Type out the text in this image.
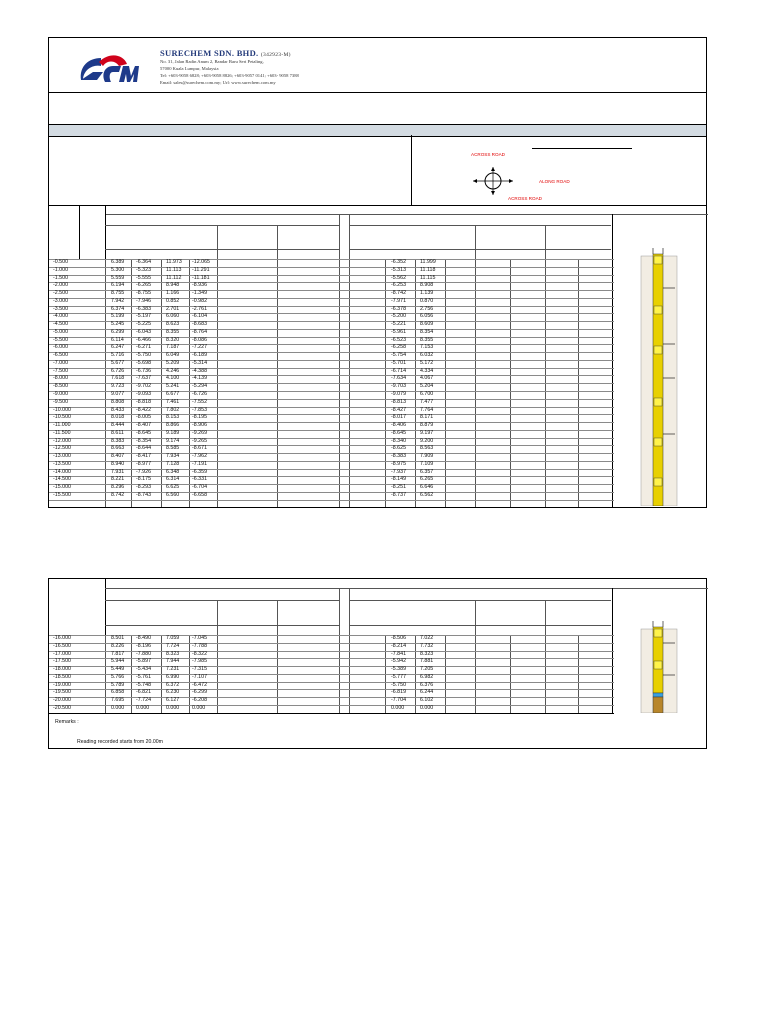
SURECHEM SDN. BHD. (342923-M)
No. 31, Jalan Radin Anum 2, Bandar Baru Seri Petaling,
57000 Kuala Lumpur, Malaysia
Tel: +603-9058 6828; +603-9058 8826; +603-9057 0141; +603- 9058 7388
Email: sales@surechem.com.my; Url: www.surechem.com.my
ACROSS ROAD
ALONG ROAD
ACROSS ROAD
-0.500	6.389 -6.364	11.973 -12.065	-6.352	11.999
-1.000	5.300 -5.323	11.113 -11.291	-5.313	11.118
-1.500	5.559 -5.555	11.112 -11.181	-5.562	11.115
-2.000	6.194 -6.265	8.948 -8.936	-6.253	8.908
-2.500	8.755 -8.755	1.166 -1.349	-8.742	1.139
-3.000	7.942 -7.946	0.852 -0.982	-7.971	0.870
-3.500	6.374 -6.383	2.701 -2.761	-6.378	2.756
-4.000	5.199 -5.197	6.060 -6.104	-5.200	6.056
-4.500	5.245 -5.225	8.623 -8.683	-5.221	8.609
-5.000	6.299 -6.043	8.355 -8.764	-5.961	8.354
-5.500	6.114 -6.466	8.320 -8.086	-6.523	8.355
-6.000	6.247 -6.271	7.187 -7.227	-6.258	7.153
-6.500	5.716 -5.750	6.049 -6.189	-5.754	6.032
-7.000	5.677 -5.698	5.209 -5.314	-5.701	5.172
-7.500	6.726 -6.736	4.246 -4.388	-6.714	4.334
-8.000	7.618 -7.637	4.100 -4.139	-7.634	4.067
-8.500	9.723 -9.702	5.241 -5.294	-9.703	5.204
-9.000	9.077 -9.093	6.677 -6.726	-9.079	6.700
-9.500	8.808 -8.818	7.461 -7.552	-8.813	7.477
-10.000	8.433 -8.422	7.802 -7.853	-8.427	7.764
-10.500	8.018 -8.005	8.153 -8.195	-8.017	8.171
-11.000	8.444 -8.407	8.866 -8.906	-8.406	8.879
-11.500	8.611 -8.645	9.189 -9.269	-8.645	9.197
-12.000	8.383 -8.354	9.174 -9.265	-8.340	9.200
-12.500	8.663 -8.644	8.585 -8.671	-8.625	8.563
-13.000	8.407 -8.417	7.934 -7.962	-8.383	7.909
-13.500	8.940 -8.977	7.128 -7.191	-8.975	7.109
-14.000	7.931 -7.926	6.348 -6.359	-7.937	6.357
-14.500	8.221 -8.175	6.314 -6.331	-8.149	6.265
-15.000	8.296 -8.293	6.625 -6.704	-8.251	6.646
-15.500	8.742 -8.743	6.560 -6.658	-8.737	6.562
-16.000	8.501 -8.490	7.059 -7.045	-8.506	7.022
-16.500	8.226 -8.196	7.724 -7.788	-8.214	7.732
-17.000	7.817 -7.880	8.323 -8.322	-7.841	8.323
-17.500	5.944 -5.897	7.944 -7.985	-5.942	7.881
-18.000	5.449 -5.434	7.231 -7.315	-5.389	7.205
-18.500	5.766 -5.761	6.990 -7.107	-5.777	6.982
-19.000	5.789 -5.748	6.372 -6.472	-5.750	6.376
-19.500	6.858 -6.821	6.230 -6.299	-6.819	6.244
-20.000	7.695 -7.724	6.127 -6.208	-7.704	6.102
-20.500	0.000 0.000	0.000 0.000	0.000	0.000
Remarks :
Reading recorded starts from 20.00m
